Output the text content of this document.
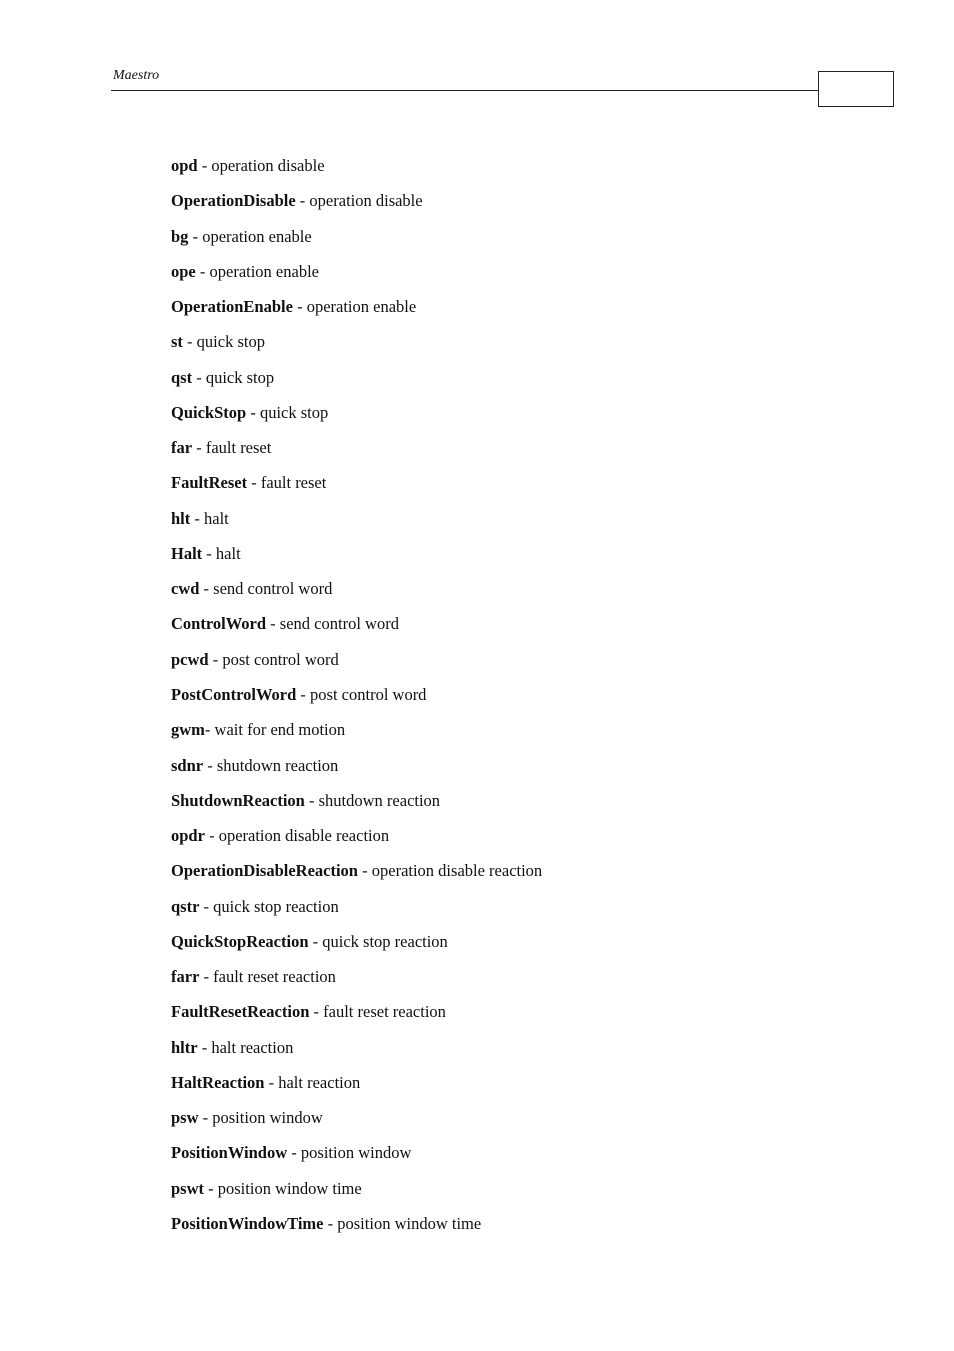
Maestro
opd - operation disable
OperationDisable - operation disable
bg - operation enable
ope - operation enable
OperationEnable - operation enable
st - quick stop
qst - quick stop
QuickStop - quick stop
far - fault reset
FaultReset - fault reset
hlt - halt
Halt - halt
cwd - send control word
ControlWord - send control word
pcwd - post control word
PostControlWord - post control word
gwm- wait for end motion
sdnr - shutdown reaction
ShutdownReaction - shutdown reaction
opdr - operation disable reaction
OperationDisableReaction - operation disable reaction
qstr - quick stop reaction
QuickStopReaction - quick stop reaction
farr - fault reset reaction
FaultResetReaction - fault reset reaction
hltr - halt reaction
HaltReaction - halt reaction
psw - position window
PositionWindow - position window
pswt - position window time
PositionWindowTime - position window time
